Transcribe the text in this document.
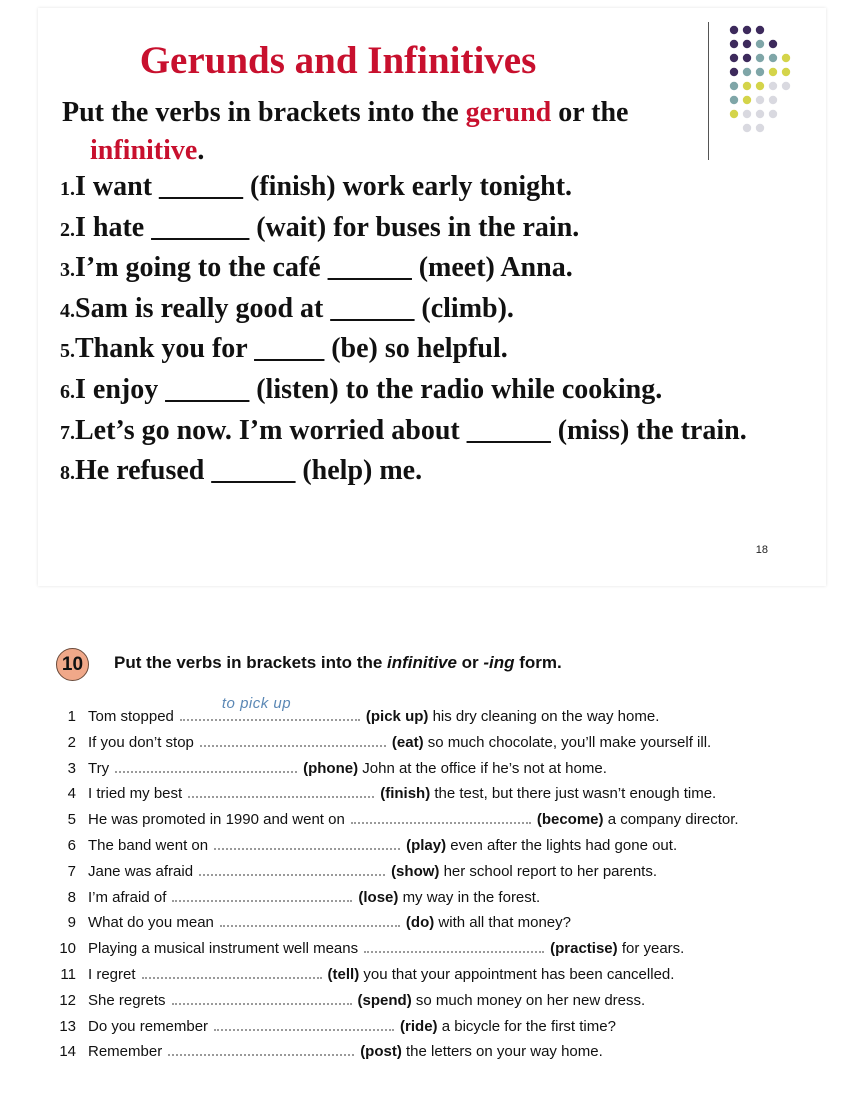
Gerunds and Infinitives
Put the verbs in brackets into the gerund or the
infinitive.
1.I want ______ (finish) work early tonight.
2.I hate _______ (wait) for buses in the rain.
3.I’m going to the café ______ (meet) Anna.
4.Sam is really good at ______ (climb).
5.Thank you for _____ (be) so helpful.
6.I enjoy ______ (listen) to the radio while cooking.
7.Let’s go now. I’m worried about ______ (miss) the train.
8.He refused ______ (help) me.
18
10	Put the verbs in brackets into the infinitive or -ing form.
1 Tom stopped
to pick up
(pick up) his dry cleaning on the way home.
2 If you don’t stop	(eat) so much chocolate, you’ll make yourself ill.
3 Try	(phone) John at the office if he’s not at home.
4 I tried my best	(finish) the test, but there just wasn’t enough time.
5 He was promoted in 1990 and went on	(become) a company director.
6 The band went on	(play) even after the lights had gone out.
7 Jane was afraid	(show) her school report to her parents.
8 I’m afraid of	(lose) my way in the forest.
9 What do you mean	(do) with all that money?
10 Playing a musical instrument well means	(practise) for years.
11 I regret	(tell) you that your appointment has been cancelled.
12 She regrets	(spend) so much money on her new dress.
13 Do you remember	(ride) a bicycle for the first time?
14 Remember	(post) the letters on your way home.
